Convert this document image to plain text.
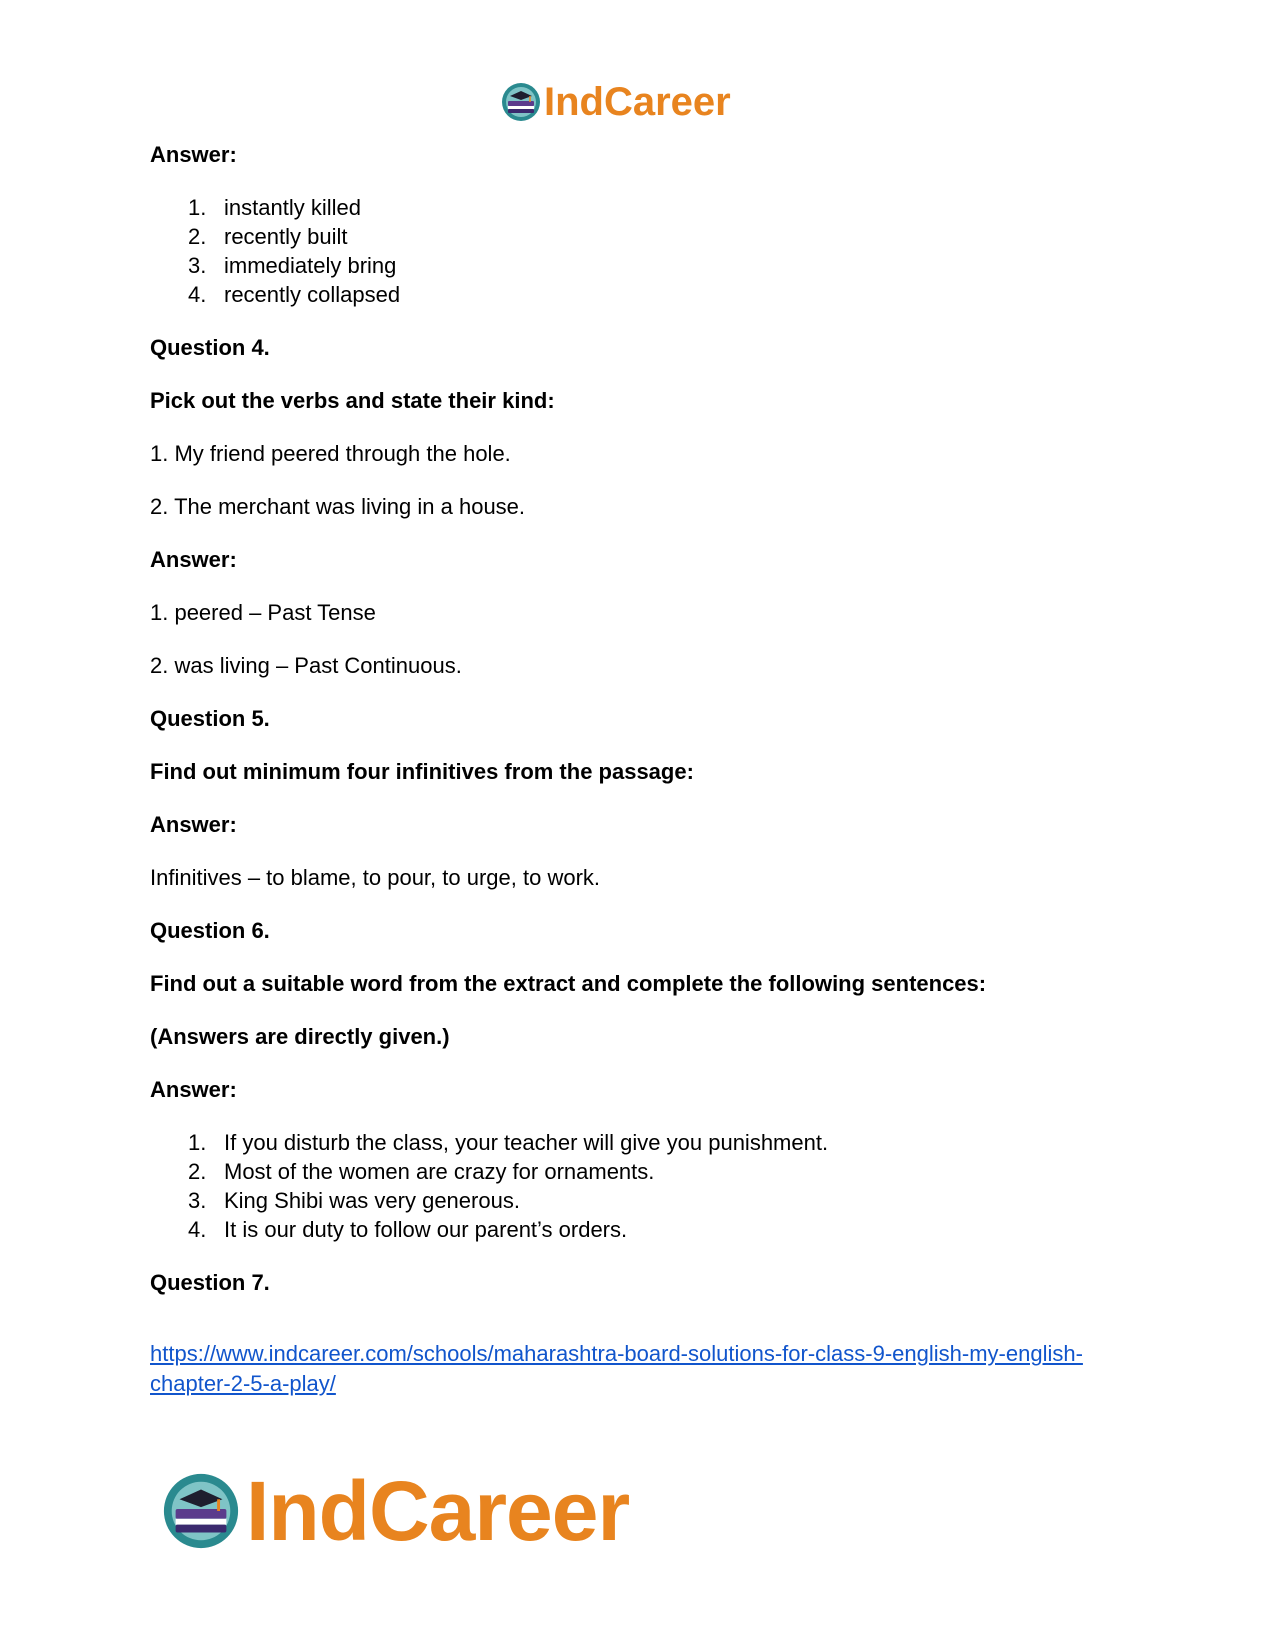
IndCareer
Answer:
1. instantly killed
2. recently built
3. immediately bring
4. recently collapsed
Question 4.
Pick out the verbs and state their kind:
1. My friend peered through the hole.
2. The merchant was living in a house.
Answer:
1. peered – Past Tense
2. was living – Past Continuous.
Question 5.
Find out minimum four infinitives from the passage:
Answer:
Infinitives – to blame, to pour, to urge, to work.
Question 6.
Find out a suitable word from the extract and complete the following sentences:
(Answers are directly given.)
Answer:
1. If you disturb the class, your teacher will give you punishment.
2. Most of the women are crazy for ornaments.
3. King Shibi was very generous.
4. It is our duty to follow our parent’s orders.
Question 7.
https://www.indcareer.com/schools/maharashtra-board-solutions-for-class-9-english-my-english-chapter-2-5-a-play/
IndCareer
